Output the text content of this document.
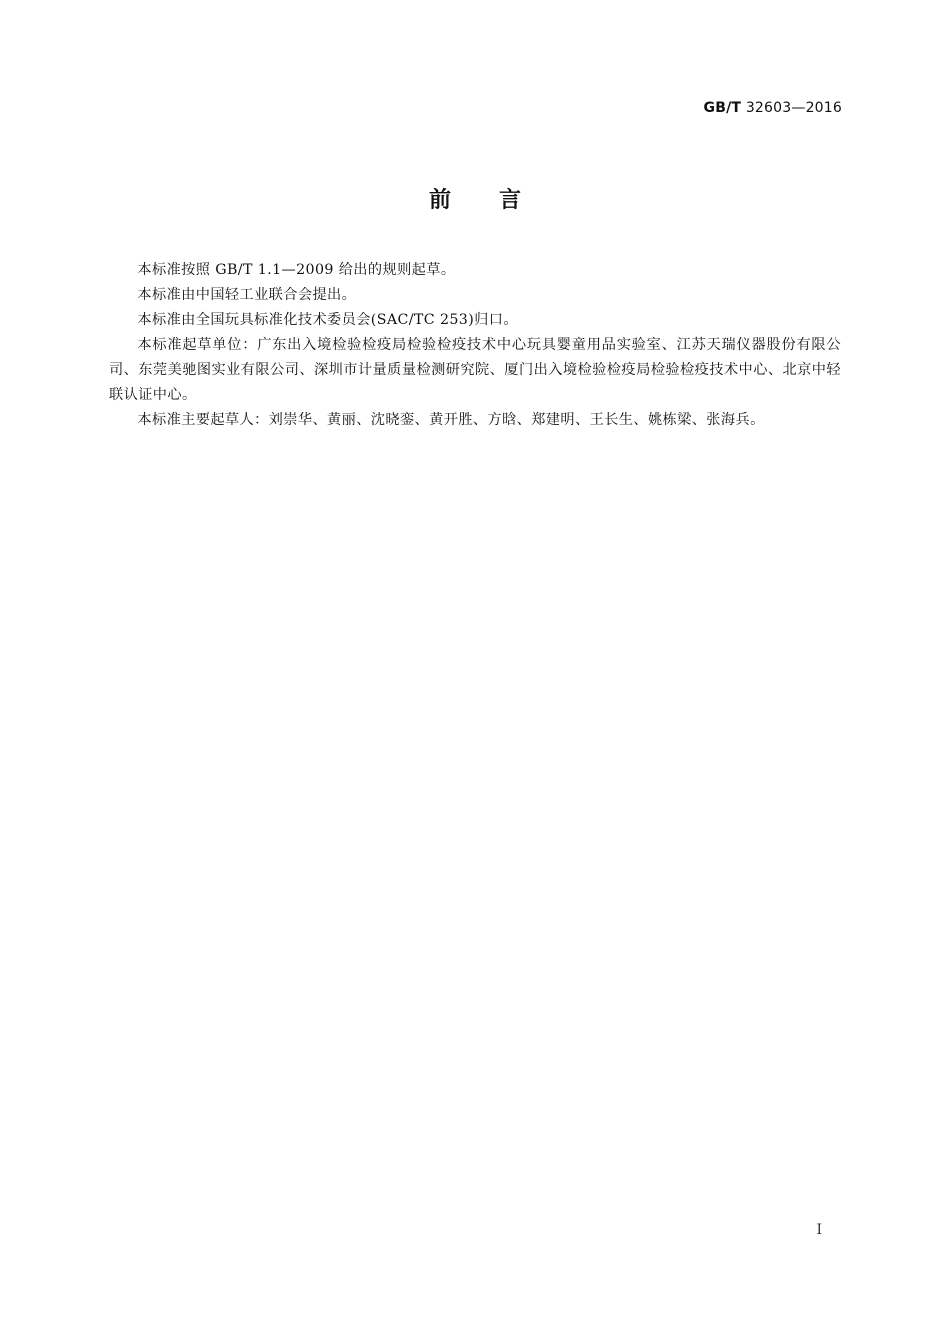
GB/T 32603—2016
前言

本标准按照 GB/T 1.1—2009 给出的规则起草。

本标准由中国轻工业联合会提出。

本标准由全国玩具标准化技术委员会(SAC/TC 253)归口。

本标准起草单位：广东出入境检验检疫局检验检疫技术中心玩具婴童用品实验室、江苏天瑞仪器股份有限公司、东莞美驰图实业有限公司、深圳市计量质量检测研究院、厦门出入境检验检疫局检验检疫技术中心、北京中轻联认证中心。

本标准主要起草人：刘崇华、黄丽、沈晓銮、黄开胜、方晗、郑建明、王长生、姚栋梁、张海兵。

I
